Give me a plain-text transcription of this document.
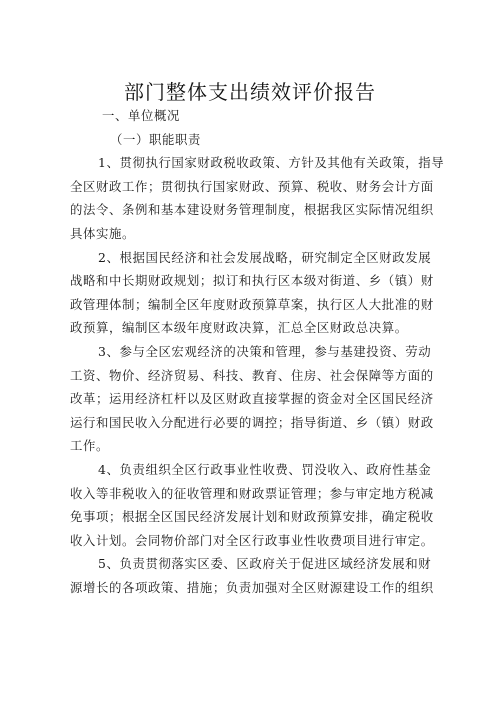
部门整体支出绩效评价报告

一、单位概况

（一）职能职责

1、贯彻执行国家财政税收政策、方针及其他有关政策，指导
全区财政工作；贯彻执行国家财政、预算、税收、财务会计方面
的法令、条例和基本建设财务管理制度，根据我区实际情况组织
具体实施。
2、根据国民经济和社会发展战略，研究制定全区财政发展
战略和中长期财政规划；拟订和执行区本级对街道、乡（镇）财
政管理体制；编制全区年度财政预算草案，执行区人大批准的财
政预算，编制区本级年度财政决算，汇总全区财政总决算。
3、参与全区宏观经济的决策和管理，参与基建投资、劳动
工资、物价、经济贸易、科技、教育、住房、社会保障等方面的
改革；运用经济杠杆以及区财政直接掌握的资金对全区国民经济
运行和国民收入分配进行必要的调控；指导街道、乡（镇）财政
工作。
4、负责组织全区行政事业性收费、罚没收入、政府性基金
收入等非税收入的征收管理和财政票证管理；参与审定地方税减
免事项；根据全区国民经济发展计划和财政预算安排，确定税收
收入计划。会同物价部门对全区行政事业性收费项目进行审定。
5、负责贯彻落实区委、区政府关于促进区域经济发展和财
源增长的各项政策、措施；负责加强对全区财源建设工作的组织
